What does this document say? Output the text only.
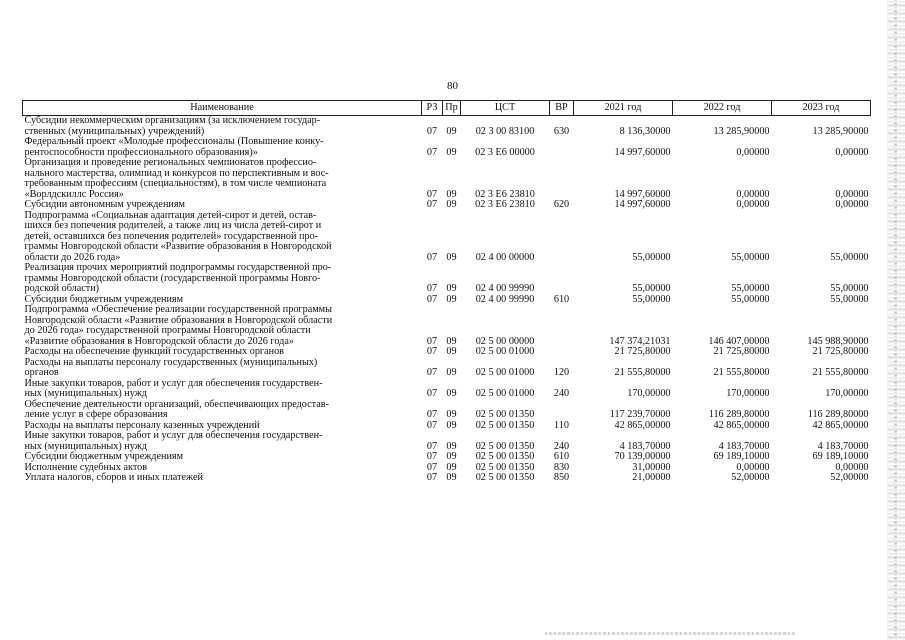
80
Наименование	РЗ	Пр	ЦСТ	ВР	2021 год	2022 год	2023 год
Субсидии некоммерческим организациям (за исключением государ-
ственных (муниципальных) учреждений)	07	09	02 3 00 83100	630	8 136,30000	13 285,90000	13 285,90000
Федеральный проект «Молодые профессионалы (Повышение конку-
рентоспособности профессионального образования)»	07	09	02 3 E6 00000		14 997,60000	0,00000	0,00000
Организация и проведение региональных чемпионатов профессио-
нального мастерства, олимпиад и конкурсов по перспективным и вос-
требованным профессиям (специальностям), в том числе чемпионата
«Ворлдскиллс Россия»	07	09	02 3 E6 23810		14 997,60000	0,00000	0,00000
Субсидии автономным учреждениям	07	09	02 3 E6 23810	620	14 997,60000	0,00000	0,00000
Подпрограмма «Социальная адаптация детей-сирот и детей, остав-
шихся без попечения родителей, а также лиц из числа детей-сирот и
детей, оставшихся без попечения родителей» государственной про-
граммы Новгородской области «Развитие образования в Новгородской
области до 2026 года»	07	09	02 4 00 00000		55,00000	55,00000	55,00000
Реализация прочих мероприятий подпрограммы государственной про-
граммы Новгородской области (государственной программы Новго-
родской области)	07	09	02 4 00 99990		55,00000	55,00000	55,00000
Субсидии бюджетным учреждениям	07	09	02 4 00 99990	610	55,00000	55,00000	55,00000
Подпрограмма «Обеспечение реализации государственной программы
Новгородской области «Развитие образования в Новгородской области
до 2026 года» государственной программы Новгородской области
«Развитие образования в Новгородской области до 2026 года»	07	09	02 5 00 00000		147 374,21031	146 407,00000	145 988,90000
Расходы на обеспечение функций государственных органов	07	09	02 5 00 01000		21 725,80000	21 725,80000	21 725,80000
Расходы на выплаты персоналу государственных (муниципальных)
органов	07	09	02 5 00 01000	120	21 555,80000	21 555,80000	21 555,80000
Иные закупки товаров, работ и услуг для обеспечения государствен-
ных (муниципальных) нужд	07	09	02 5 00 01000	240	170,00000	170,00000	170,00000
Обеспечение деятельности организаций, обеспечивающих предостав-
ление услуг в сфере образования	07	09	02 5 00 01350		117 239,70000	116 289,80000	116 289,80000
Расходы на выплаты персоналу казенных учреждений	07	09	02 5 00 01350	110	42 865,00000	42 865,00000	42 865,00000
Иные закупки товаров, работ и услуг для обеспечения государствен-
ных (муниципальных) нужд	07	09	02 5 00 01350	240	4 183,70000	4 183,70000	4 183,70000
Субсидии бюджетным учреждениям	07	09	02 5 00 01350	610	70 139,00000	69 189,10000	69 189,10000
Исполнение судебных актов	07	09	02 5 00 01350	830	31,00000	0,00000	0,00000
Уплата налогов, сборов и иных платежей	07	09	02 5 00 01350	850	21,00000	52,00000	52,00000
